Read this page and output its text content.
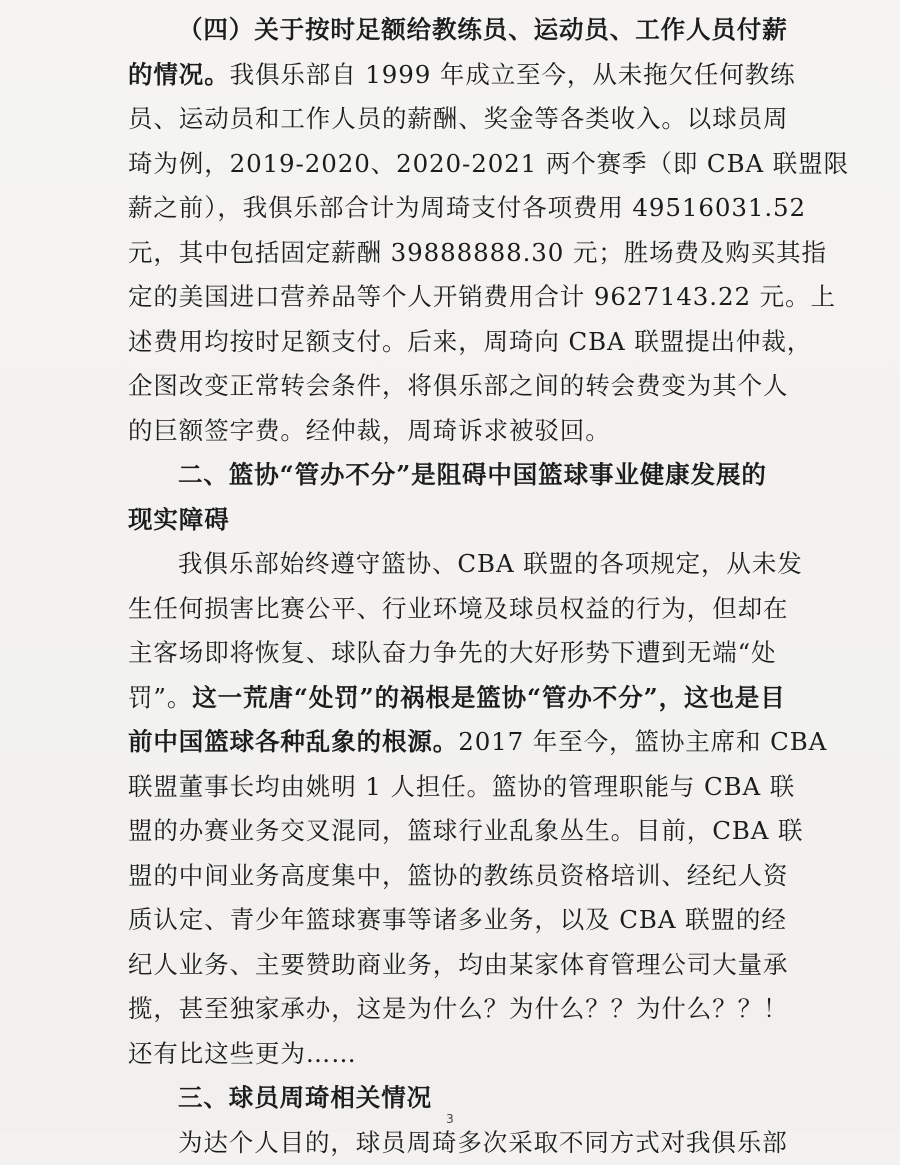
（四）关于按时足额给教练员、运动员、工作人员付薪
的情况。我俱乐部自 1999 年成立至今，从未拖欠任何教练
员、运动员和工作人员的薪酬、奖金等各类收入。以球员周
琦为例，2019-2020、2020-2021 两个赛季（即 CBA 联盟限
薪之前），我俱乐部合计为周琦支付各项费用 49516031.52
元，其中包括固定薪酬 39888888.30 元；胜场费及购买其指
定的美国进口营养品等个人开销费用合计 9627143.22 元。上
述费用均按时足额支付。后来，周琦向 CBA 联盟提出仲裁，
企图改变正常转会条件，将俱乐部之间的转会费变为其个人
的巨额签字费。经仲裁，周琦诉求被驳回。
二、篮协“管办不分”是阻碍中国篮球事业健康发展的
现实障碍
我俱乐部始终遵守篮协、CBA 联盟的各项规定，从未发
生任何损害比赛公平、行业环境及球员权益的行为，但却在
主客场即将恢复、球队奋力争先的大好形势下遭到无端“处
罚”。这一荒唐“处罚”的祸根是篮协“管办不分”，这也是目
前中国篮球各种乱象的根源。2017 年至今，篮协主席和 CBA
联盟董事长均由姚明 1 人担任。篮协的管理职能与 CBA 联
盟的办赛业务交叉混同，篮球行业乱象丛生。目前，CBA 联
盟的中间业务高度集中，篮协的教练员资格培训、经纪人资
质认定、青少年篮球赛事等诸多业务，以及 CBA 联盟的经
纪人业务、主要赞助商业务，均由某家体育管理公司大量承
揽，甚至独家承办，这是为什么？为什么？？为什么？？！
还有比这些更为……
三、球员周琦相关情况
为达个人目的，球员周琦多次采取不同方式对我俱乐部
3
